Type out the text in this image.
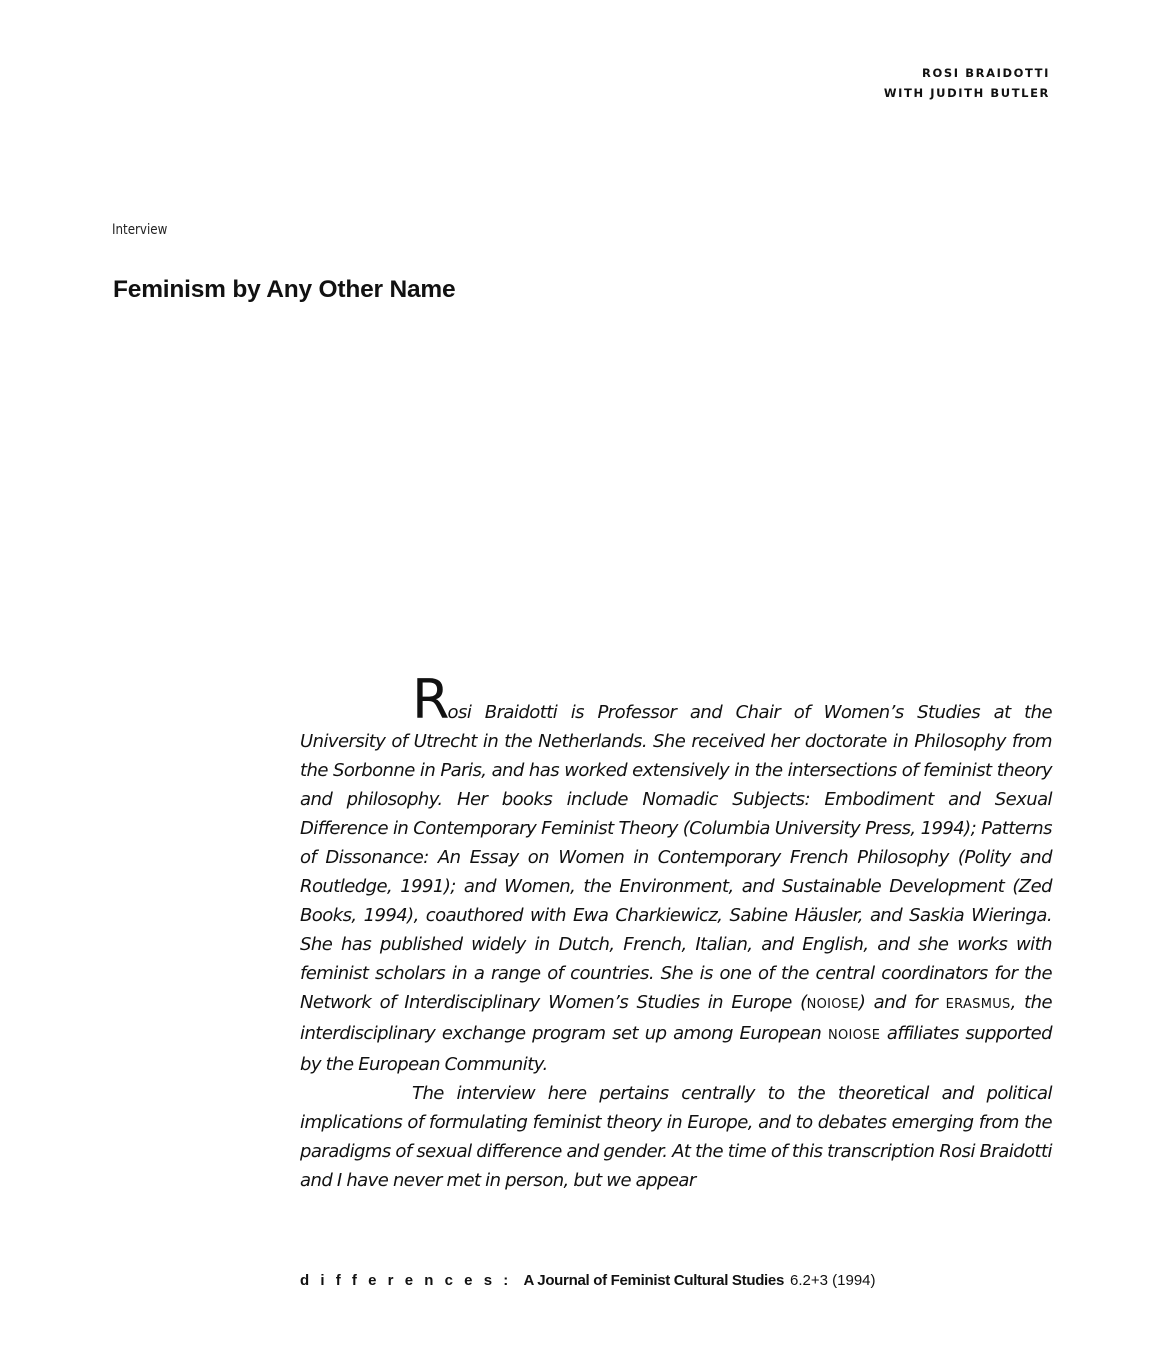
ROSI BRAIDOTTI
WITH JUDITH BUTLER
Interview
Feminism by Any Other Name

Rosi Braidotti is Professor and Chair of Women’s Studies at the University of Utrecht in the Netherlands. She received her doctorate in Philosophy from the Sorbonne in Paris, and has worked extensively in the intersections of feminist theory and philosophy. Her books include Nomadic Subjects: Embodiment and Sexual Difference in Contemporary Feminist Theory (Columbia University Press, 1994); Patterns of Dissonance: An Essay on Women in Contemporary French Philosophy (Polity and Routledge, 1991); and Women, the Environment, and Sustainable Development (Zed Books, 1994), coauthored with Ewa Charkiewicz, Sabine Häusler, and Saskia Wieringa. She has published widely in Dutch, French, Italian, and English, and she works with feminist scholars in a range of countries. She is one of the central coordinators for the Network of Interdisciplinary Women’s Studies in Europe (NOIOSE) and for ERASMUS, the interdisciplinary exchange program set up among European NOIOSE affiliates supported by the European Community.

The interview here pertains centrally to the theoretical and political implications of formulating feminist theory in Europe, and to debates emerging from the paradigms of sexual difference and gender. At the time of this transcription Rosi Braidotti and I have never met in person, but we appear

differences: A Journal of Feminist Cultural Studies 6.2+3 (1994)
